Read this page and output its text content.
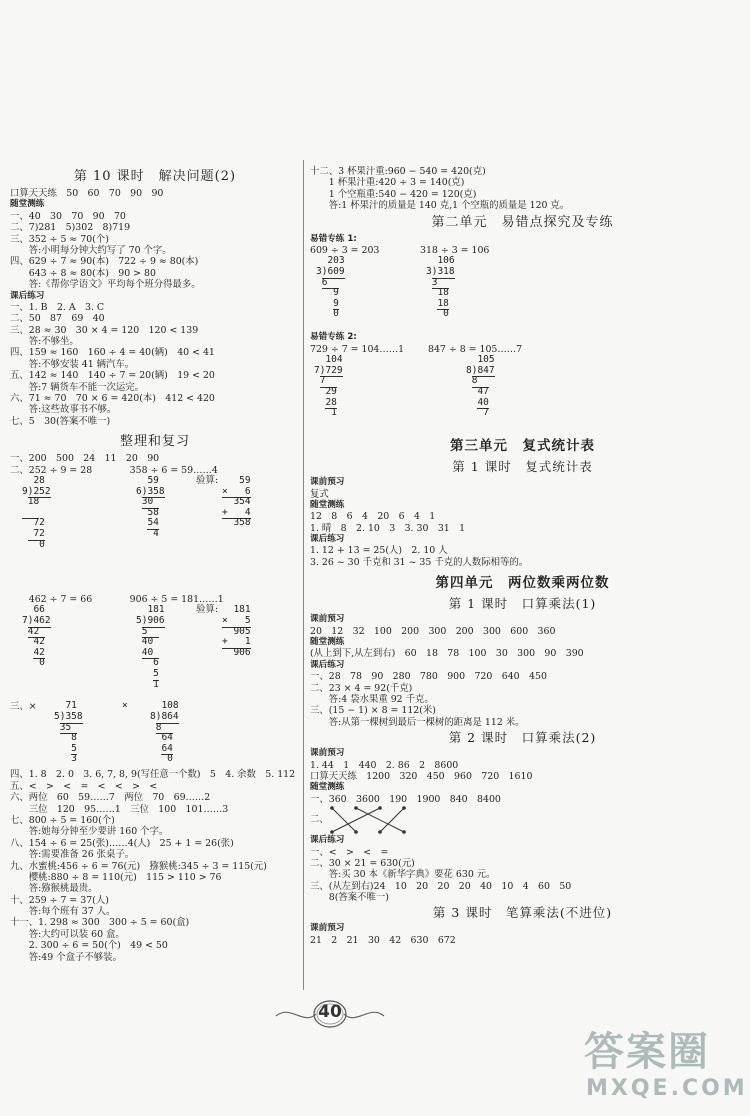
第 10 课时　解决问题(2)
口算天天练　50　60　70　90　90
随堂测练
一、40　30　70　90　70
二、7)281　5)302　8)719
三、352 ÷ 5 ≈ 70(个)
　　答:小明每分钟大约写了 70 个字。
四、629 ÷ 7 ≈ 90(本)　722 ÷ 9 ≈ 80(本)
　　643 ÷ 8 ≈ 80(本)　90 > 80
　　答:《帮你学语文》平均每个班分得最多。
课后练习
一、1. B　2. A　3. C
二、50　87　69　40
三、28 ≈ 30　30 × 4 = 120　120 < 139
　　答:不够坐。
四、159 ≈ 160　160 ÷ 4 = 40(辆)　40 < 41
　　答:不够安装 41 辆汽车。
五、142 ≈ 140　140 ÷ 7 = 20(辆)　19 < 20
　　答:7 辆货车不能一次运完。
六、71 ≈ 70　70 × 6 = 420(本)　412 < 420
　　答:这些故事书不够。
七、5　30(答案不唯一)
整理和复习
一、200　500　24　11　20　90
二、252 ÷ 9 = 28　　　　358 ÷ 6 = 59……4
28
9)252
18

72
72
0
59
6)358
30
58
54
4
验算: 59
×   6
354
+   4
358
　　462 ÷ 7 = 66　　　　906 ÷ 5 = 181……1
66
7)462
42
42
42
0
181
5)906
5
40
40
6
5
1
验算: 181
×   5
905
+   1
906
三、×	71
5)358
35
8
5
3
×	108
8)864
8
64
64
0
四、1. 8　2. 0　3. 6, 7, 8, 9(写任意一个数)　5　4. 余数　5. 112
五、<　>　<　=　<　<　>　<
六、两位　60　59……7　两位　70　69……2
　　三位　120　95……1　三位　100　101……3
七、800 ÷ 5 = 160(个)
　　答:她每分钟至少要讲 160 个字。
八、154 ÷ 6 = 25(张)……4(人)　25 + 1 = 26(张)
　　答:需要准备 26 张桌子。
九、水蜜桃:456 ÷ 6 = 76(元)　猕猴桃:345 ÷ 3 = 115(元)
　　樱桃:880 ÷ 8 = 110(元)　115 > 110 > 76
　　答:猕猴桃最贵。
十、259 ÷ 7 = 37(人)
　　答:每个班有 37 人。
十一、1. 298 ≈ 300　300 ÷ 5 = 60(盒)
　　答:大约可以装 60 盒。
　　2. 300 ÷ 6 = 50(个)　49 < 50
　　答:49 个盒子不够装。
十二、3 杯果汁重:960 − 540 = 420(克)
　　1 杯果汁重:420 ÷ 3 = 140(克)
　　1 个空瓶重:540 − 420 = 120(克)
　　答:1 杯果汁的质量是 140 克,1 个空瓶的质量是 120 克。
第二单元　易错点探究及专练
易错专练 1:
609 ÷ 3 = 203	318 ÷ 3 = 106
203
3)609
6
9
9
0
106
3)318
3
18
18
0
易错专练 2:
729 ÷ 7 = 104……1	847 ÷ 8 = 105……7
104
7)729
7
29
28
1
105
8)847
8
47
40
7
第三单元　复式统计表
第 1 课时　复式统计表
课前预习
复式
随堂测练
12　8　6　4　20　6　4　1
1. 晴　8　2. 10　3　3. 30　31　1
课后练习
1. 12 + 13 = 25(人)　2. 10 人
3. 26 ~ 30 千克和 31 ~ 35 千克的人数际相等的。
第四单元　两位数乘两位数
第 1 课时　口算乘法(1)
课前预习
20　12　32　100　200　300　200　300　600　360
随堂测练
(从上到下,从左到右)　60　18　78　100　30　300　90　390
课后练习
一、28　78　90　280　780　900　720　640　450
二、23 × 4 = 92(千克)
　　答:4 袋水果重 92 千克。
三、(15 − 1) × 8 = 112(米)
　　答:从第一棵树到最后一棵树的距离是 112 米。
第 2 课时　口算乘法(2)
课前预习
1. 44　1　440　2. 86　2　8600
口算天天练　1200　320　450　960　720　1610
随堂测练
一、360　3600　190　1900　840　8400
二、
课后练习
一、<　>　<　=
二、30 × 21 = 630(元)
　　答:买 30 本《新华字典》要花 630 元。
三、(从左到右)24　10　20　20　20　40　10　4　60　50
　　8(答案不唯一)
第 3 课时　笔算乘法(不进位)
课前预习
21　2　21　30　42　630　672
40
答案圈
MXQE.COM
